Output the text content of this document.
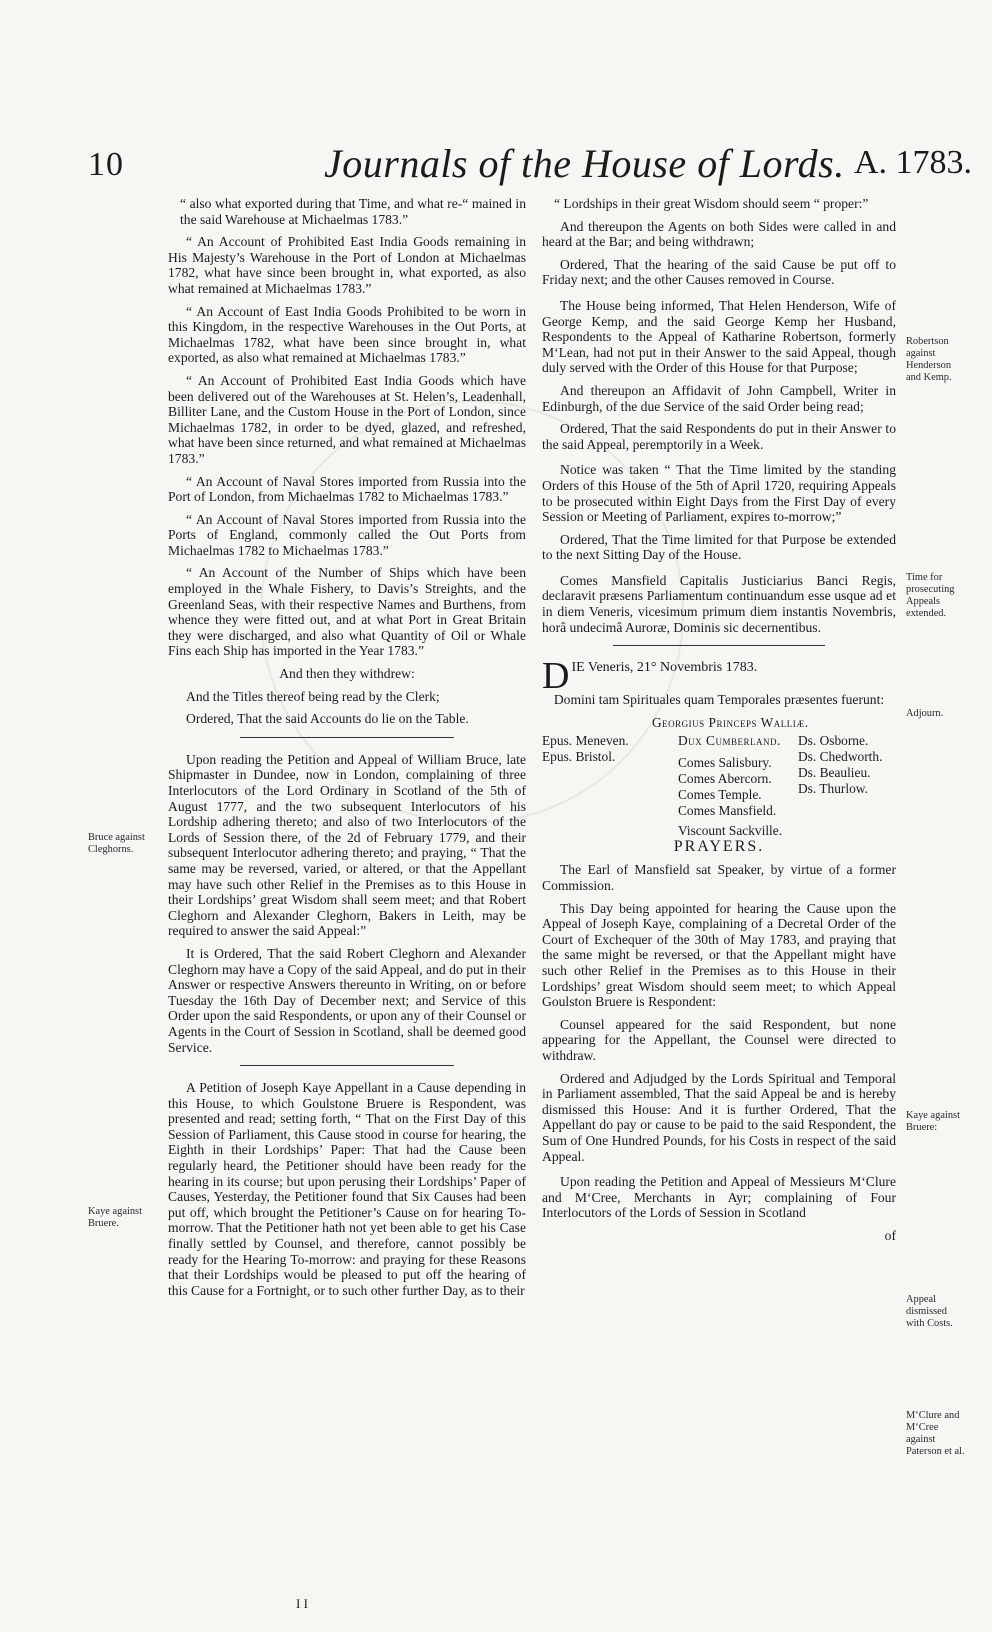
10	Journals of the House of Lords. A. 1783.

“ also what exported during that Time, and what re-“ mained in the said Warehouse at Michaelmas 1783.”

“ An Account of Prohibited East India Goods remaining in His Majesty’s Warehouse in the Port of London at Michaelmas 1782, what have since been brought in, what exported, as also what remained at Michaelmas 1783.”

“ An Account of East India Goods Prohibited to be worn in this Kingdom, in the respective Warehouses in the Out Ports, at Michaelmas 1782, what have been since brought in, what exported, as also what remained at Michaelmas 1783.”

“ An Account of Prohibited East India Goods which have been delivered out of the Warehouses at St. Helen’s, Leadenhall, Billiter Lane, and the Custom House in the Port of London, since Michaelmas 1782, in order to be dyed, glazed, and refreshed, what have been since returned, and what remained at Michaelmas 1783.”

“ An Account of Naval Stores imported from Russia into the Port of London, from Michaelmas 1782 to Michaelmas 1783.”

“ An Account of Naval Stores imported from Russia into the Ports of England, commonly called the Out Ports from Michaelmas 1782 to Michaelmas 1783.”

“ An Account of the Number of Ships which have been employed in the Whale Fishery, to Davis’s Streights, and the Greenland Seas, with their respective Names and Burthens, from whence they were fitted out, and at what Port in Great Britain they were discharged, and also what Quantity of Oil or Whale Fins each Ship has imported in the Year 1783.”

And then they withdrew:

And the Titles thereof being read by the Clerk;

Ordered, That the said Accounts do lie on the Table.

Upon reading the Petition and Appeal of William Bruce, late Shipmaster in Dundee, now in London, complaining of three Interlocutors of the Lord Ordinary in Scotland of the 5th of August 1777, and the two subsequent Interlocutors of his Lordship adhering thereto; and also of two Interlocutors of the Lords of Session there, of the 2d of February 1779, and their subsequent Interlocutor adhering thereto; and praying, “ That the same may be reversed, varied, or altered, or that the Appellant may have such other Relief in the Premises as to this House in their Lordships’ great Wisdom shall seem meet; and that Robert Cleghorn and Alexander Cleghorn, Bakers in Leith, may be required to answer the said Appeal:”

It is Ordered, That the said Robert Cleghorn and Alexander Cleghorn may have a Copy of the said Appeal, and do put in their Answer or respective Answers thereunto in Writing, on or before Tuesday the 16th Day of December next; and Service of this Order upon the said Respondents, or upon any of their Counsel or Agents in the Court of Session in Scotland, shall be deemed good Service.

A Petition of Joseph Kaye Appellant in a Cause depending in this House, to which Goulstone Bruere is Respondent, was presented and read; setting forth, “ That on the First Day of this Session of Parliament, this Cause stood in course for hearing, the Eighth in their Lordships’ Paper: That had the Cause been regularly heard, the Petitioner should have been ready for the hearing in its course; but upon perusing their Lordships’ Paper of Causes, Yesterday, the Petitioner found that Six Causes had been put off, which brought the Petitioner’s Cause on for hearing To-morrow. That the Petitioner hath not yet been able to get his Case finally settled by Counsel, and therefore, cannot possibly be ready for the Hearing To-morrow: and praying for these Reasons that their Lordships would be pleased to put off the hearing of this Cause for a Fortnight, or to such other further Day, as to their

Bruce against Cleghorns.
Kaye against Bruere.

“ Lordships in their great Wisdom should seem “ proper:”

And thereupon the Agents on both Sides were called in and heard at the Bar; and being withdrawn;

Ordered, That the hearing of the said Cause be put off to Friday next; and the other Causes removed in Course.

The House being informed, That Helen Henderson, Wife of George Kemp, and the said George Kemp her Husband, Respondents to the Appeal of Katharine Robertson, formerly M‘Lean, had not put in their Answer to the said Appeal, though duly served with the Order of this House for that Purpose;

And thereupon an Affidavit of John Campbell, Writer in Edinburgh, of the due Service of the said Order being read;

Ordered, That the said Respondents do put in their Answer to the said Appeal, peremptorily in a Week.

Notice was taken “ That the Time limited by the standing Orders of this House of the 5th of April 1720, requiring Appeals to be prosecuted within Eight Days from the First Day of every Session or Meeting of Parliament, expires to-morrow;”

Ordered, That the Time limited for that Purpose be extended to the next Sitting Day of the House.

Comes Mansfield Capitalis Justiciarius Banci Regis, declaravit præsens Parliamentum continuandum esse usque ad et in diem Veneris, vicesimum primum diem instantis Novembris, horâ undecimâ Auroræ, Dominis sic decernentibus.

D IE Veneris, 21° Novembris 1783.

Domini tam Spirituales quam Temporales præsentes fuerunt:

Georgius Princeps Walliæ.
Epus. Meneven.
Epus. Bristol.
Dux Cumberland.
Comes Salisbury.
Comes Abercorn.
Comes Temple.
Comes Mansfield.
Viscount Sackville.
Ds. Osborne.
Ds. Chedworth.
Ds. Beaulieu.
Ds. Thurlow.

PRAYERS.

The Earl of Mansfield sat Speaker, by virtue of a former Commission.

This Day being appointed for hearing the Cause upon the Appeal of Joseph Kaye, complaining of a Decretal Order of the Court of Exchequer of the 30th of May 1783, and praying that the same might be reversed, or that the Appellant might have such other Relief in the Premises as to this House in their Lordships’ great Wisdom should seem meet; to which Appeal Goulston Bruere is Respondent:

Counsel appeared for the said Respondent, but none appearing for the Appellant, the Counsel were directed to withdraw.

Ordered and Adjudged by the Lords Spiritual and Temporal in Parliament assembled, That the said Appeal be and is hereby dismissed this House: And it is further Ordered, That the Appellant do pay or cause to be paid to the said Respondent, the Sum of One Hundred Pounds, for his Costs in respect of the said Appeal.

Upon reading the Petition and Appeal of Messieurs M‘Clure and M‘Cree, Merchants in Ayr; complaining of Four Interlocutors of the Lords of Session in Scotland

of

Robertson against Henderson and Kemp.
Time for prosecuting Appeals extended.
Adjourn.
Kaye against Bruere:
Appeal dismissed with Costs.
M‘Clure and M‘Cree against Paterson et al.
I I
